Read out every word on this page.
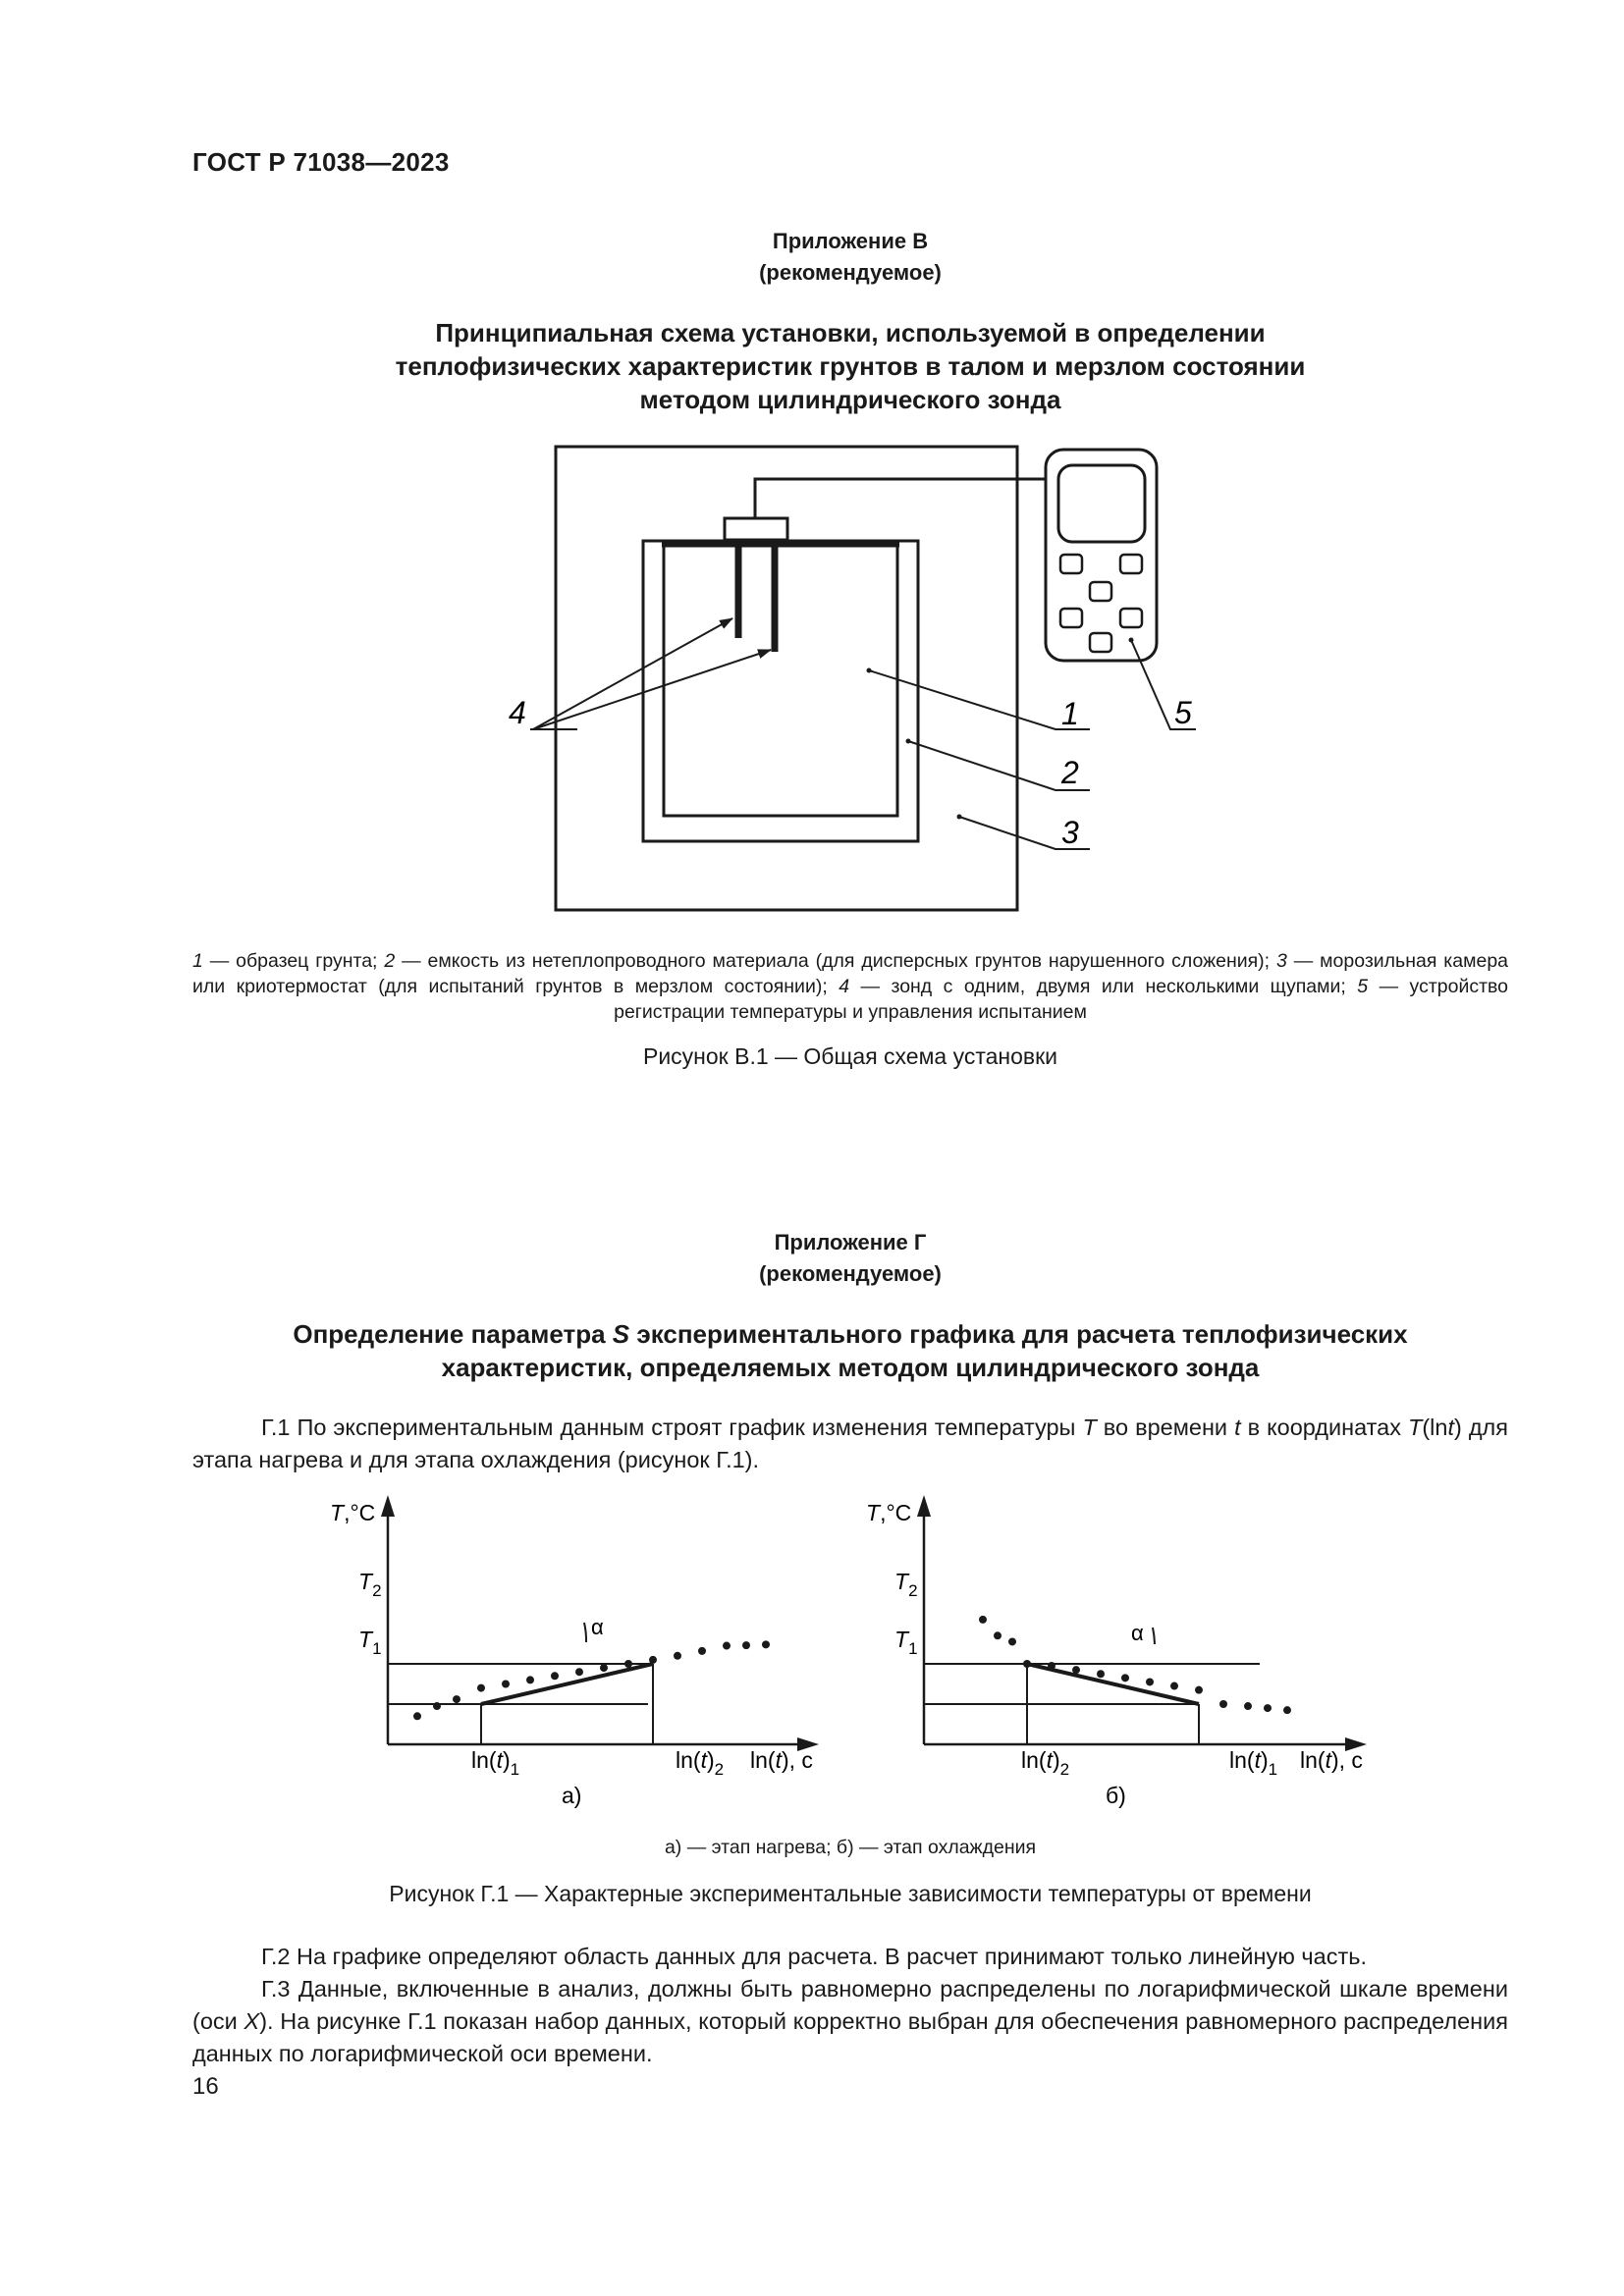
ГОСТ Р 71038—2023
Приложение В
(рекомендуемое)
Принципиальная схема установки, используемой в определении
теплофизических характеристик грунтов в талом и мерзлом состоянии
методом цилиндрического зонда
4	1
2
3
5
1 — образец грунта; 2 — емкость из нетеплопроводного материала (для дисперсных грунтов нарушенного сложения); 3 — морозильная камера или криотермостат (для испытаний грунтов в мерзлом состоянии); 4 — зонд с одним, двумя или несколькими щупами; 5 — устройство регистрации температуры и управления испытанием
Рисунок В.1 — Общая схема установки
Приложение Г
(рекомендуемое)
Определение параметра S экспериментального графика для расчета теплофизических
характеристик, определяемых методом цилиндрического зонда
Г.1 По экспериментальным данным строят график изменения температуры T во времени t в координатах T(lnt) для этапа нагрева и для этапа охлаждения (рисунок Г.1).
T,°C
ln(t), с
$T_2$
$T_1$
$\ln(t)_1$	$\ln(t)_2$
а)
α
T,°C
ln(t), с
$T_2$
$T_1$
$\ln(t)_2$	$\ln(t)_1$
б)
α
а) — этап нагрева; б) — этап охлаждения
Рисунок Г.1 — Характерные экспериментальные зависимости температуры от времени
Г.2 На графике определяют область данных для расчета. В расчет принимают только линейную часть.
Г.3 Данные, включенные в анализ, должны быть равномерно распределены по логарифмической шкале времени (оси X). На рисунке Г.1 показан набор данных, который корректно выбран для обеспечения равномерного распределения данных по логарифмической оси времени.
16
